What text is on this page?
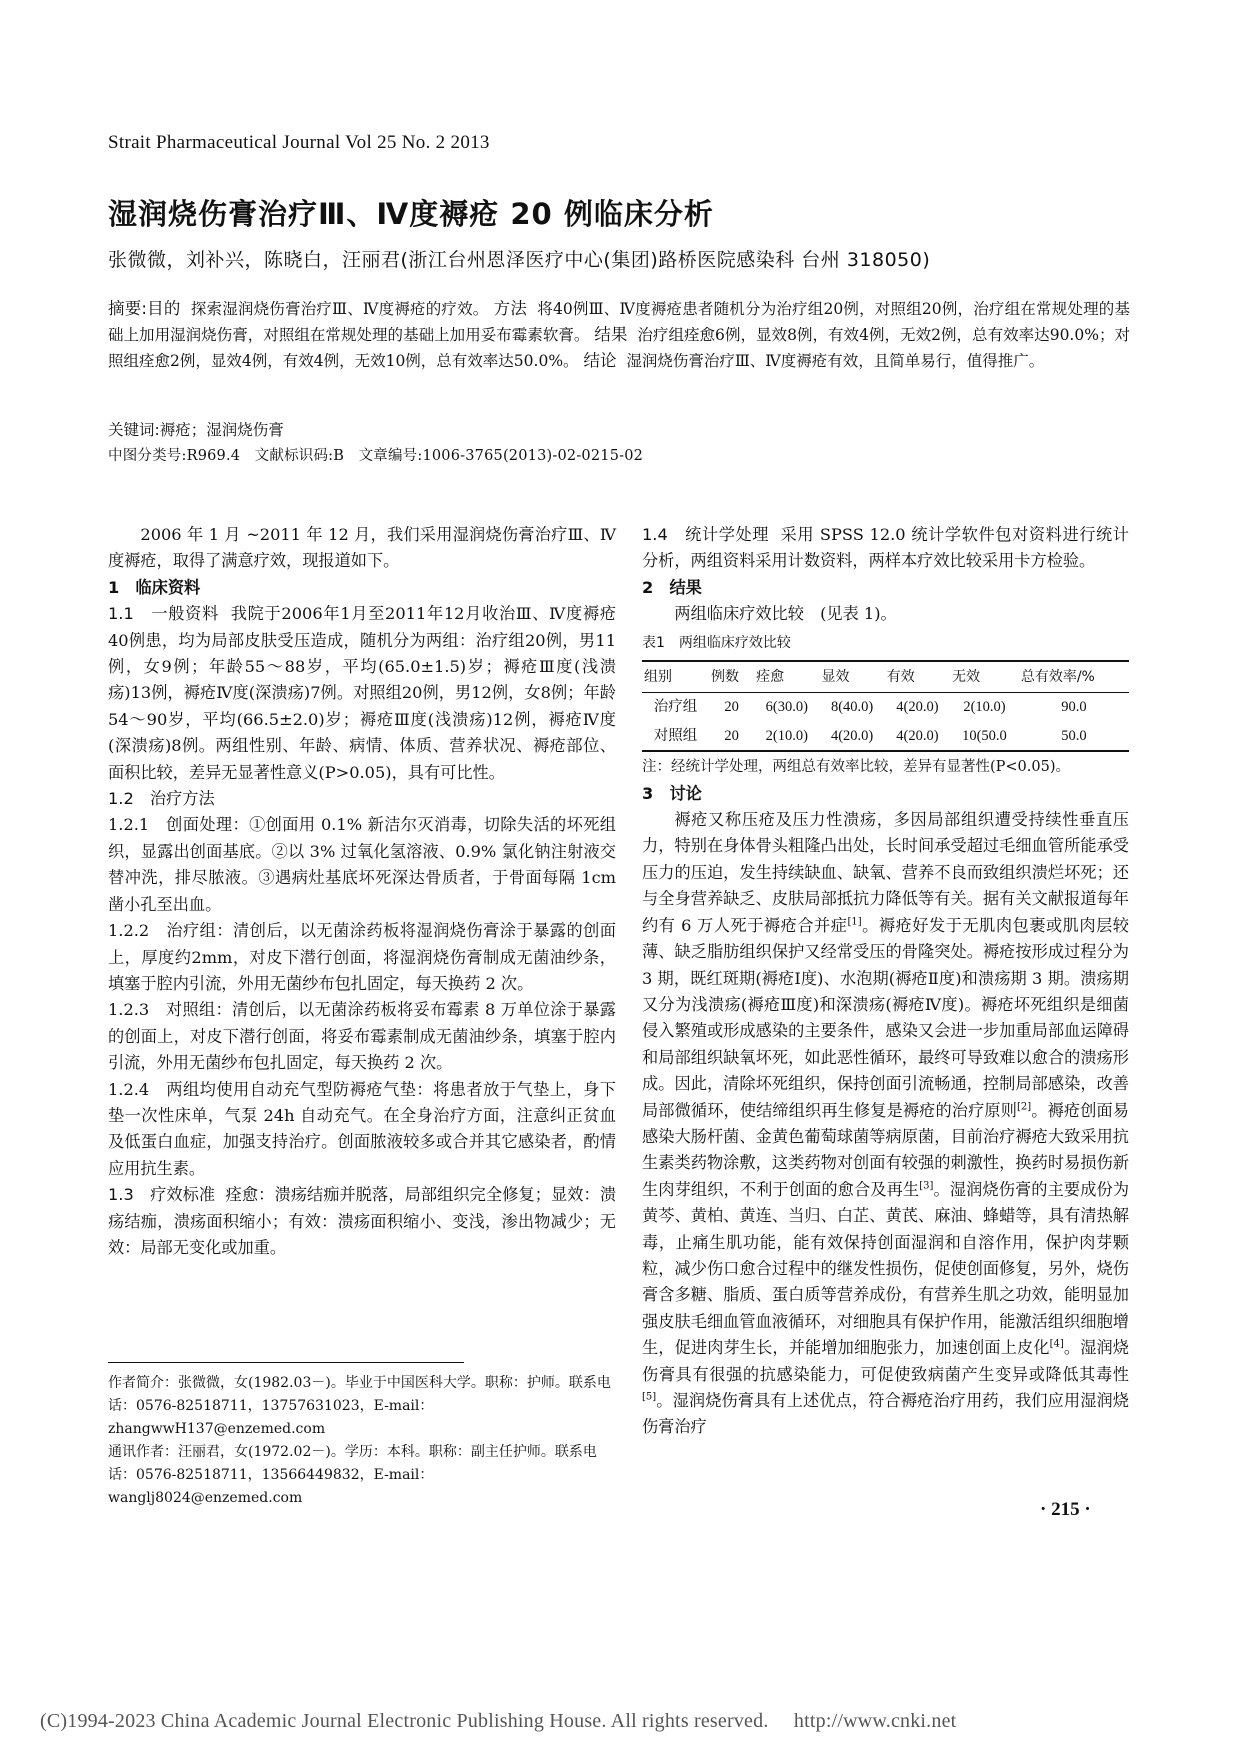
Strait Pharmaceutical Journal Vol 25 No. 2 2013
湿润烧伤膏治疗Ⅲ、Ⅳ度褥疮 20 例临床分析
张微微，刘补兴，陈晓白，汪丽君(浙江台州恩泽医疗中心(集团)路桥医院感染科 台州 318050)
摘要:目的 探索湿润烧伤膏治疗Ⅲ、Ⅳ度褥疮的疗效。 方法 将40例Ⅲ、Ⅳ度褥疮患者随机分为治疗组20例，对照组20例，治疗组在常规处理的基础上加用湿润烧伤膏，对照组在常规处理的基础上加用妥布霉素软膏。 结果 治疗组痊愈6例，显效8例，有效4例，无效2例，总有效率达90.0%；对照组痊愈2例，显效4例，有效4例，无效10例，总有效率达50.0%。 结论 湿润烧伤膏治疗Ⅲ、Ⅳ度褥疮有效，且简单易行，值得推广。
关键词:褥疮；湿润烧伤膏
中图分类号:R969.4 文献标识码:B 文章编号:1006-3765(2013)-02-0215-02

2006 年 1 月 ~2011 年 12 月，我们采用湿润烧伤膏治疗Ⅲ、Ⅳ度褥疮，取得了满意疗效，现报道如下。

1　临床资料

1.1　一般资料 我院于2006年1月至2011年12月收治Ⅲ、Ⅳ度褥疮40例患，均为局部皮肤受压造成，随机分为两组：治疗组20例，男11例，女9例；年龄55～88岁，平均(65.0±1.5)岁；褥疮Ⅲ度(浅溃疡)13例，褥疮Ⅳ度(深溃疡)7例。对照组20例，男12例，女8例；年龄54～90岁，平均(66.5±2.0)岁；褥疮Ⅲ度(浅溃疡)12例，褥疮Ⅳ度(深溃疡)8例。两组性别、年龄、病情、体质、营养状况、褥疮部位、面积比较，差异无显著性意义(P>0.05)，具有可比性。

1.2　治疗方法

1.2.1　创面处理：①创面用 0.1% 新洁尔灭消毒，切除失活的坏死组织，显露出创面基底。②以 3% 过氧化氢溶液、0.9% 氯化钠注射液交替冲洗，排尽脓液。③遇病灶基底坏死深达骨质者，于骨面每隔 1cm 凿小孔至出血。

1.2.2　治疗组：清创后，以无菌涂药板将湿润烧伤膏涂于暴露的创面上，厚度约2mm，对皮下潜行创面，将湿润烧伤膏制成无菌油纱条，填塞于腔内引流，外用无菌纱布包扎固定，每天换药 2 次。

1.2.3　对照组：清创后，以无菌涂药板将妥布霉素 8 万单位涂于暴露的创面上，对皮下潜行创面，将妥布霉素制成无菌油纱条，填塞于腔内引流，外用无菌纱布包扎固定，每天换药 2 次。

1.2.4　两组均使用自动充气型防褥疮气垫：将患者放于气垫上，身下垫一次性床单，气泵 24h 自动充气。在全身治疗方面，注意纠正贫血及低蛋白血症，加强支持治疗。创面脓液较多或合并其它感染者，酌情应用抗生素。

1.3　疗效标准 痊愈：溃疡结痂并脱落，局部组织完全修复；显效：溃疡结痂，溃疡面积缩小；有效：溃疡面积缩小、变浅，渗出物减少；无效：局部无变化或加重。

作者简介：张微微，女(1982.03－)。毕业于中国医科大学。职称：护师。联系电话：0576-82518711，13757631023，E-mail：zhangwwH137@enzemed.com

通讯作者：汪丽君，女(1972.02－)。学历：本科。职称：副主任护师。联系电话：0576-82518711，13566449832，E-mail：wanglj8024@enzemed.com

1.4　统计学处理 采用 SPSS 12.0 统计学软件包对资料进行统计分析，两组资料采用计数资料，两样本疗效比较采用卡方检验。

2　结果

两组临床疗效比较　(见表 1)。

表1　两组临床疗效比较

组别	例数	痊愈	显效	有效	无效	总有效率/%
治疗组	20	6(30.0)	8(40.0)	4(20.0)	2(10.0)	90.0
对照组	20	2(10.0)	4(20.0)	4(20.0)	10(50.0	50.0

注：经统计学处理，两组总有效率比较，差异有显著性(P<0.05)。

3　讨论

褥疮又称压疮及压力性溃疡，多因局部组织遭受持续性垂直压力，特别在身体骨头粗隆凸出处，长时间承受超过毛细血管所能承受压力的压迫，发生持续缺血、缺氧、营养不良而致组织溃烂坏死；还与全身营养缺乏、皮肤局部抵抗力降低等有关。据有关文献报道每年约有 6 万人死于褥疮合并症[1]。褥疮好发于无肌肉包裹或肌肉层较薄、缺乏脂肪组织保护又经常受压的骨隆突处。褥疮按形成过程分为 3 期，既红斑期(褥疮Ⅰ度)、水泡期(褥疮Ⅱ度)和溃疡期 3 期。溃疡期又分为浅溃疡(褥疮Ⅲ度)和深溃疡(褥疮Ⅳ度)。褥疮坏死组织是细菌侵入繁殖或形成感染的主要条件，感染又会进一步加重局部血运障碍和局部组织缺氧坏死，如此恶性循环，最终可导致难以愈合的溃疡形成。因此，清除坏死组织，保持创面引流畅通，控制局部感染，改善局部微循环，使结缔组织再生修复是褥疮的治疗原则[2]。褥疮创面易感染大肠杆菌、金黄色葡萄球菌等病原菌，目前治疗褥疮大致采用抗生素类药物涂敷，这类药物对创面有较强的刺激性，换药时易损伤新生肉芽组织，不利于创面的愈合及再生[3]。湿润烧伤膏的主要成份为黄芩、黄柏、黄连、当归、白芷、黄芪、麻油、蜂蜡等，具有清热解毒，止痛生肌功能，能有效保持创面湿润和自溶作用，保护肉芽颗粒，减少伤口愈合过程中的继发性损伤，促使创面修复，另外，烧伤膏含多糖、脂质、蛋白质等营养成份，有营养生肌之功效，能明显加强皮肤毛细血管血液循环，对细胞具有保护作用，能激活组织细胞增生，促进肉芽生长，并能增加细胞张力，加速创面上皮化[4]。湿润烧伤膏具有很强的抗感染能力，可促使致病菌产生变异或降低其毒性[5]。湿润烧伤膏具有上述优点，符合褥疮治疗用药，我们应用湿润烧伤膏治疗

· 215 ·
(C)1994-2023 China Academic Journal Electronic Publishing House. All rights reserved.　 http://www.cnki.net
